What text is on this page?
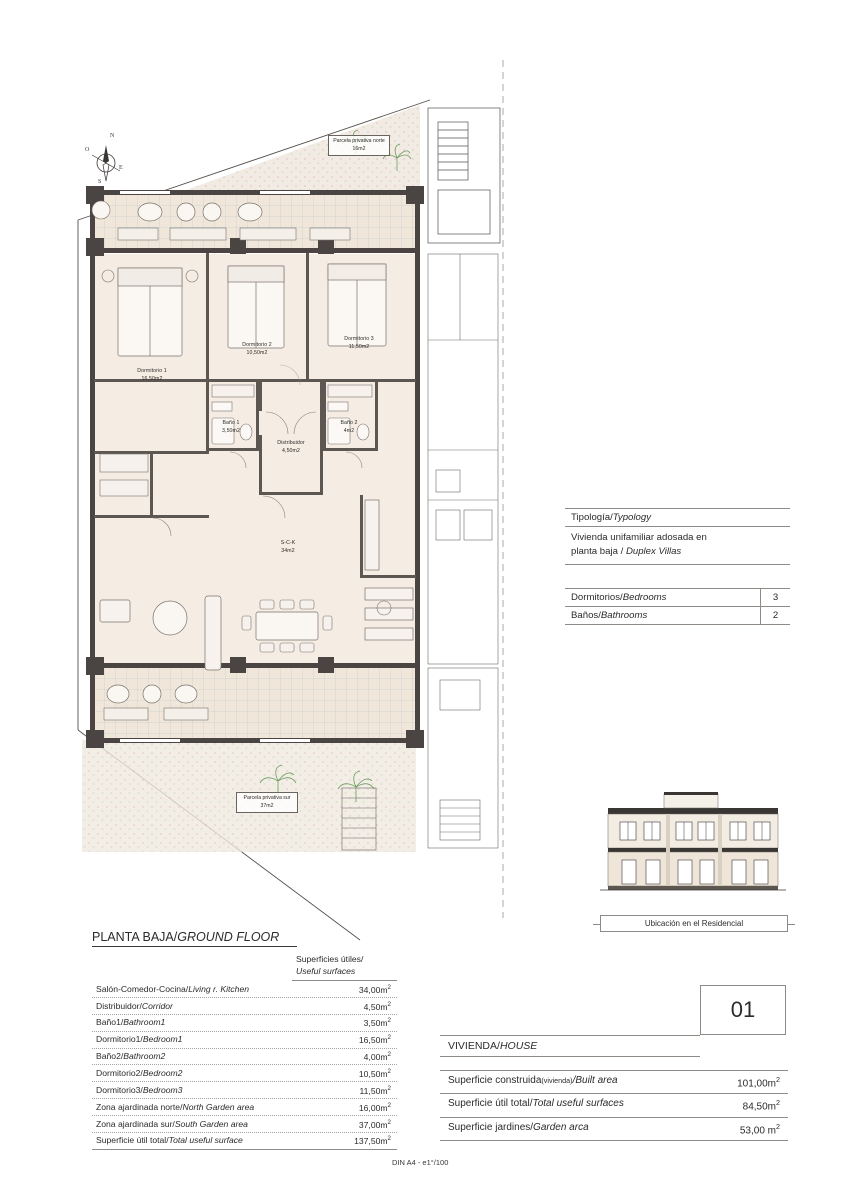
Parcela privativa norte
16m2
Dormitorio 1
16,50m2
Dormitorio 2
10,50m2
Dormitorio 3
11,50m2
Baño 1
3,50m2
Baño 2
4m2
Distribuidor
4,50m2
S-C-K
34m2
Parcela privativa sur
37m2
N
S
E
O
Tipología/Typology
Vivienda unifamiliar adosada en
planta baja / Duplex Villas
Dormitorios/Bedrooms	3
Baños/Bathrooms	2
Ubicación en el Residencial
PLANTA BAJA/GROUND FLOOR
Superficies útiles/
Useful surfaces
Salón-Comedor-Cocina/Living r. Kitchen	$34,00m^2$
Distribuidor/Corridor	$4,50m^2$
Baño1/Bathroom1	$3,50m^2$
Dormitorio1/Bedroom1	$16,50m^2$
Baño2/Bathroom2	$4,00m^2$
Dormitorio2/Bedroom2	$10,50m^2$
Dormitorio3/Bedroom3	$11,50m^2$
Zona ajardinada norte/North Garden area	$16,00m^2$
Zona ajardinada sur/South Garden area	$37,00m^2$
Superficie útil total/Total useful surface	$137,50m^2$
DIN A4 - e1°/100
01
VIVIENDA/HOUSE
Superficie construida(vivienda)/Built area	$101,00m^2$
Superficie útil total/Total useful surfaces	$84,50m^2$
Superficie jardines/Garden arca	53,00 $m^2$
